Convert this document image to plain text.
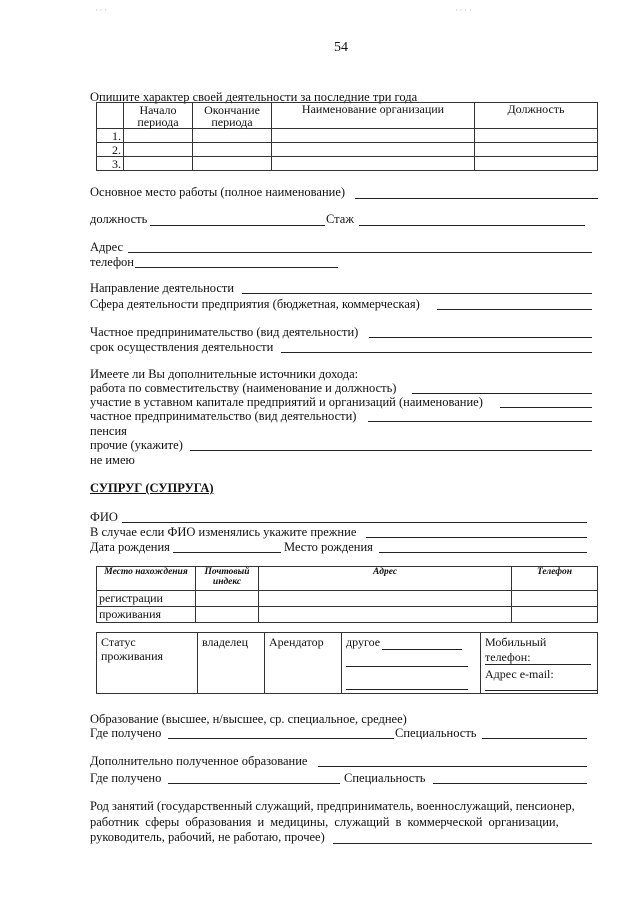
· · ·	· · · ·
54
Опишите характер своей деятельности за последние три года
	Начало периода	Окончание периода	Наименование организации	Должность
1.				
2.				
3.				
Основное место работы (полное наименование)
должность	Стаж
Адрес
телефон
Направление деятельности
Сфера деятельности предприятия (бюджетная, коммерческая)
Частное предпринимательство (вид деятельности)
срок осуществления деятельности
Имеете ли Вы дополнительные источники дохода:
работа по совместительству (наименование и должность)
участие в уставном капитале предприятий и организаций (наименование)
частное предпринимательство (вид деятельности)
пенсия
прочие (укажите)
не имею
СУПРУГ (СУПРУГА)
ФИО
В случае если ФИО изменялись укажите прежние
Дата рождения	Место рождения
Место нахождения	Почтовый индекс	Адрес	Телефон
регистрации			
проживания			
Статус проживания	владелец	Арендатор	другое	Мобильный телефон:
Адрес e-mail:
Образование (высшее, н/высшее, ср. специальное, среднее)
Где получено	Специальность
Дополнительно полученное образование
Где получено	Специальность
Род занятий (государственный служащий, предприниматель, военнослужащий, пенсионер,
работник сферы образования и медицины, служащий в коммерческой организации,
руководитель, рабочий, не работаю, прочее)
